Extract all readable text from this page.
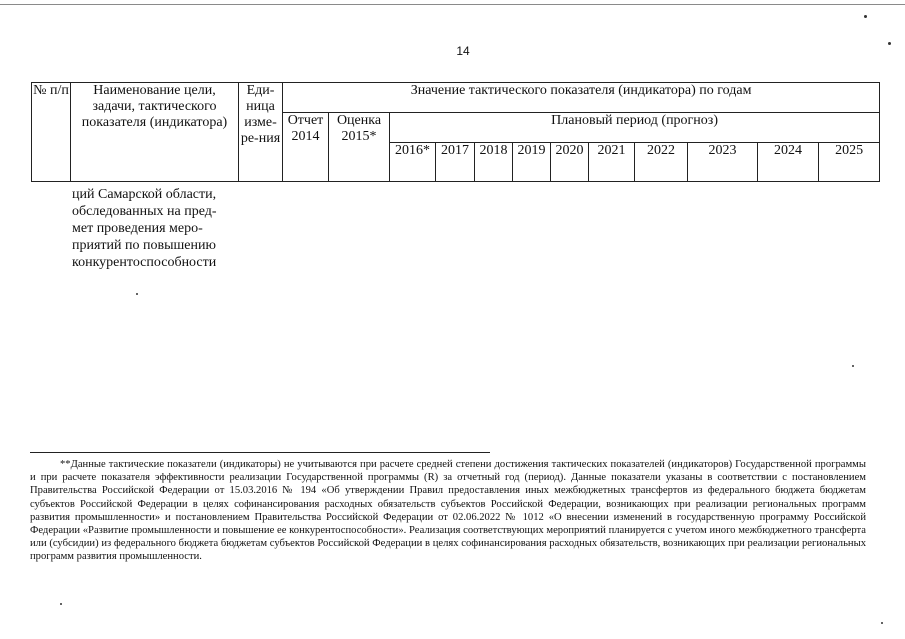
14
№ п/п	Наименование цели, задачи, тактического показателя (индикатора)	Еди-ница изме-ре-ния	Значение тактического показателя (индикатора) по годам											
			Отчет 2014	Оценка 2015*	Плановый период (прогноз)									
					2016*	2017	2018	2019	2020	2021	2022	2023	2024	2025
ций Самарской области,
обследованных на пред-
мет проведения меро-
приятий по повышению
конкурентоспособности

**Данные тактические показатели (индикаторы) не учитываются при расчете средней степени достижения тактических показателей (индикаторов) Государственной программы и при расчете показателя эффективности реализации Государственной программы (R) за отчетный год (период). Данные показатели указаны в соответствии с постановлением Правительства Российской Федерации от 15.03.2016 № 194 «Об утверждении Правил предоставления иных межбюджетных трансфертов из федерального бюджета бюджетам субъектов Российской Федерации в целях софинансирования расходных обязательств субъектов Российской Федерации, возникающих при реализации региональных программ развития промышленности» и постановлением Правительства Российской Федерации от 02.06.2022 № 1012 «О внесении изменений в государственную программу Российской Федерации «Развитие промышленности и повышение ее конкурентоспособности». Реализация соответствующих мероприятий планируется с учетом иного межбюджетного трансферта или (субсидии) из федерального бюджета бюджетам субъектов Российской Федерации в целях софинансирования расходных обязательств, возникающих при реализации региональных программ развития промышленности.
